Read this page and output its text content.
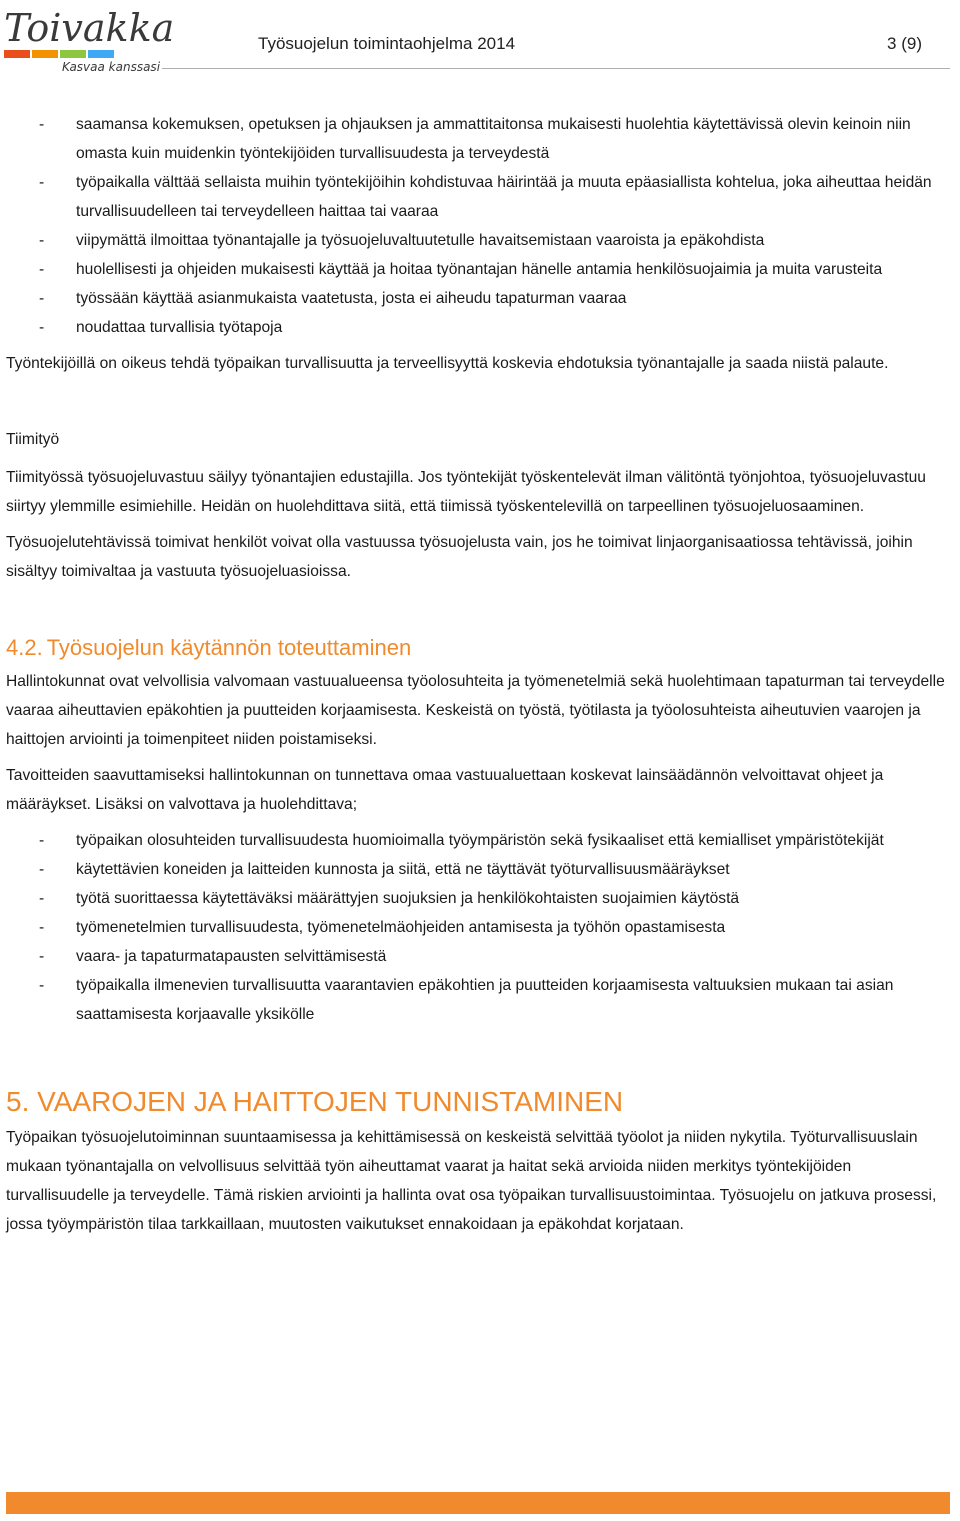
Toivakka
Kasvaa kanssasi
Työsuojelun toimintaohjelma 2014	3 (9)
- saamansa kokemuksen, opetuksen ja ohjauksen ja ammattitaitonsa mukaisesti huolehtia käytettävissä olevin keinoin niin omasta kuin muidenkin työntekijöiden turvallisuudesta ja terveydestä
- työpaikalla välttää sellaista muihin työntekijöihin kohdistuvaa häirintää ja muuta epäasiallista kohtelua, joka aiheuttaa heidän turvallisuudelleen tai terveydelleen haittaa tai vaaraa
- viipymättä ilmoittaa työnantajalle ja työsuojeluvaltuutetulle havaitsemistaan vaaroista ja epäkohdista
- huolellisesti ja ohjeiden mukaisesti käyttää ja hoitaa työnantajan hänelle antamia henkilösuojaimia ja muita varusteita
- työssään käyttää asianmukaista vaatetusta, josta ei aiheudu tapaturman vaaraa
- noudattaa turvallisia työtapoja

Työntekijöillä on oikeus tehdä työpaikan turvallisuutta ja terveellisyyttä koskevia ehdotuksia työnantajalle ja saada niistä palaute.

Tiimityö

Tiimityössä työsuojeluvastuu säilyy työnantajien edustajilla. Jos työntekijät työskentelevät ilman välitöntä työnjohtoa, työsuojeluvastuu siirtyy ylemmille esimiehille. Heidän on huolehdittava siitä, että tiimissä työskentelevillä on tarpeellinen työsuojeluosaaminen.

Työsuojelutehtävissä toimivat henkilöt voivat olla vastuussa työsuojelusta vain, jos he toimivat linjaorganisaatiossa tehtävissä, joihin sisältyy toimivaltaa ja vastuuta työsuojeluasioissa.

4.2. Työsuojelun käytännön toteuttaminen

Hallintokunnat ovat velvollisia valvomaan vastuualueensa työolosuhteita ja työmenetelmiä sekä huolehtimaan tapaturman tai terveydelle vaaraa aiheuttavien epäkohtien ja puutteiden korjaamisesta. Keskeistä on työstä, työtilasta ja työolosuhteista aiheutuvien vaarojen ja haittojen arviointi ja toimenpiteet niiden poistamiseksi.

Tavoitteiden saavuttamiseksi hallintokunnan on tunnettava omaa vastuualuettaan koskevat lainsäädännön velvoittavat ohjeet ja määräykset. Lisäksi on valvottava ja huolehdittava;

- työpaikan olosuhteiden turvallisuudesta huomioimalla työympäristön sekä fysikaaliset että kemialliset ympäristötekijät
- käytettävien koneiden ja laitteiden kunnosta ja siitä, että ne täyttävät työturvallisuusmääräykset
- työtä suorittaessa käytettäväksi määrättyjen suojuksien ja henkilökohtaisten suojaimien käytöstä
- työmenetelmien turvallisuudesta, työmenetelmäohjeiden antamisesta ja työhön opastamisesta
- vaara- ja tapaturmatapausten selvittämisestä
- työpaikalla ilmenevien turvallisuutta vaarantavien epäkohtien ja puutteiden korjaamisesta valtuuksien mukaan tai asian saattamisesta korjaavalle yksikölle
5. VAAROJEN JA HAITTOJEN TUNNISTAMINEN

Työpaikan työsuojelutoiminnan suuntaamisessa ja kehittämisessä on keskeistä selvittää työolot ja niiden nykytila. Työturvallisuuslain mukaan työnantajalla on velvollisuus selvittää työn aiheuttamat vaarat ja haitat sekä arvioida niiden merkitys työntekijöiden turvallisuudelle ja terveydelle. Tämä riskien arviointi ja hallinta ovat osa työpaikan turvallisuustoimintaa. Työsuojelu on jatkuva prosessi, jossa työympäristön tilaa tarkkaillaan, muutosten vaikutukset ennakoidaan ja epäkohdat korjataan.
